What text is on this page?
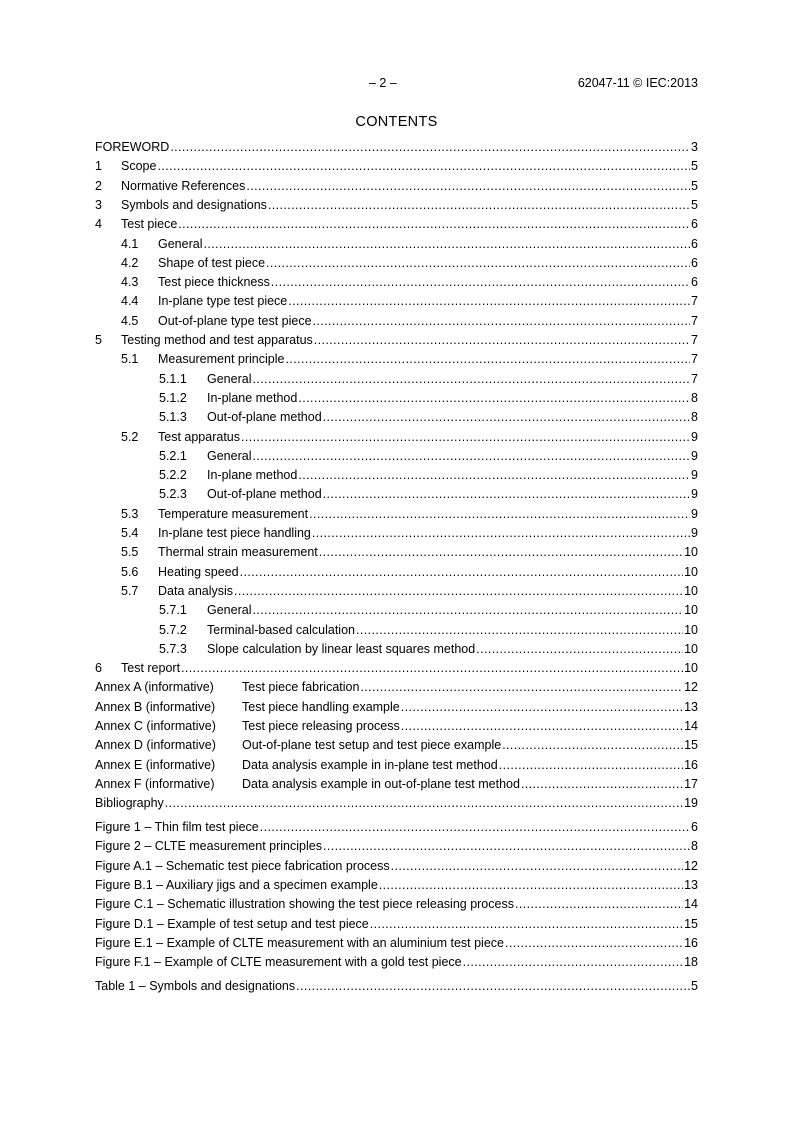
– 2 –	62047-11 © IEC:2013
CONTENTS
FOREWORD .....	3
1	Scope .....	5
2	Normative References .....	5
3	Symbols and designations .....	5
4	Test piece .....	6
4.1	General .....	6
4.2	Shape of test piece .....	6
4.3	Test piece thickness .....	6
4.4	In-plane type test piece .....	7
4.5	Out-of-plane type test piece .....	7
5	Testing method and test apparatus .....	7
5.1	Measurement principle .....	7
5.1.1	General .....	7
5.1.2	In-plane method .....	8
5.1.3	Out-of-plane method .....	8
5.2	Test apparatus .....	9
5.2.1	General .....	9
5.2.2	In-plane method .....	9
5.2.3	Out-of-plane method .....	9
5.3	Temperature measurement .....	9
5.4	In-plane test piece handling .....	9
5.5	Thermal strain measurement .....	10
5.6	Heating speed .....	10
5.7	Data analysis .....	10
5.7.1	General .....	10
5.7.2	Terminal-based calculation .....	10
5.7.3	Slope calculation by linear least squares method .....	10
6	Test report .....	10
Annex A (informative)	Test piece fabrication .....	12
Annex B (informative)	Test piece handling example .....	13
Annex C (informative)	Test piece releasing process .....	14
Annex D (informative)	Out-of-plane test setup and test piece example .....	15
Annex E (informative)	Data analysis example in in-plane test method .....	16
Annex F (informative)	Data analysis example in out-of-plane test method .....	17
Bibliography .....	19
Figure 1 – Thin film test piece .....	6
Figure 2 – CLTE measurement principles .....	8
Figure A.1 – Schematic test piece fabrication process .....	12
Figure B.1 – Auxiliary jigs and a specimen example .....	13
Figure C.1 – Schematic illustration showing the test piece releasing process .....	14
Figure D.1 – Example of test setup and test piece .....	15
Figure E.1 – Example of CLTE measurement with an aluminium test piece .....	16
Figure F.1 – Example of CLTE measurement with a gold test piece .....	18
Table 1 – Symbols and designations .....	5
